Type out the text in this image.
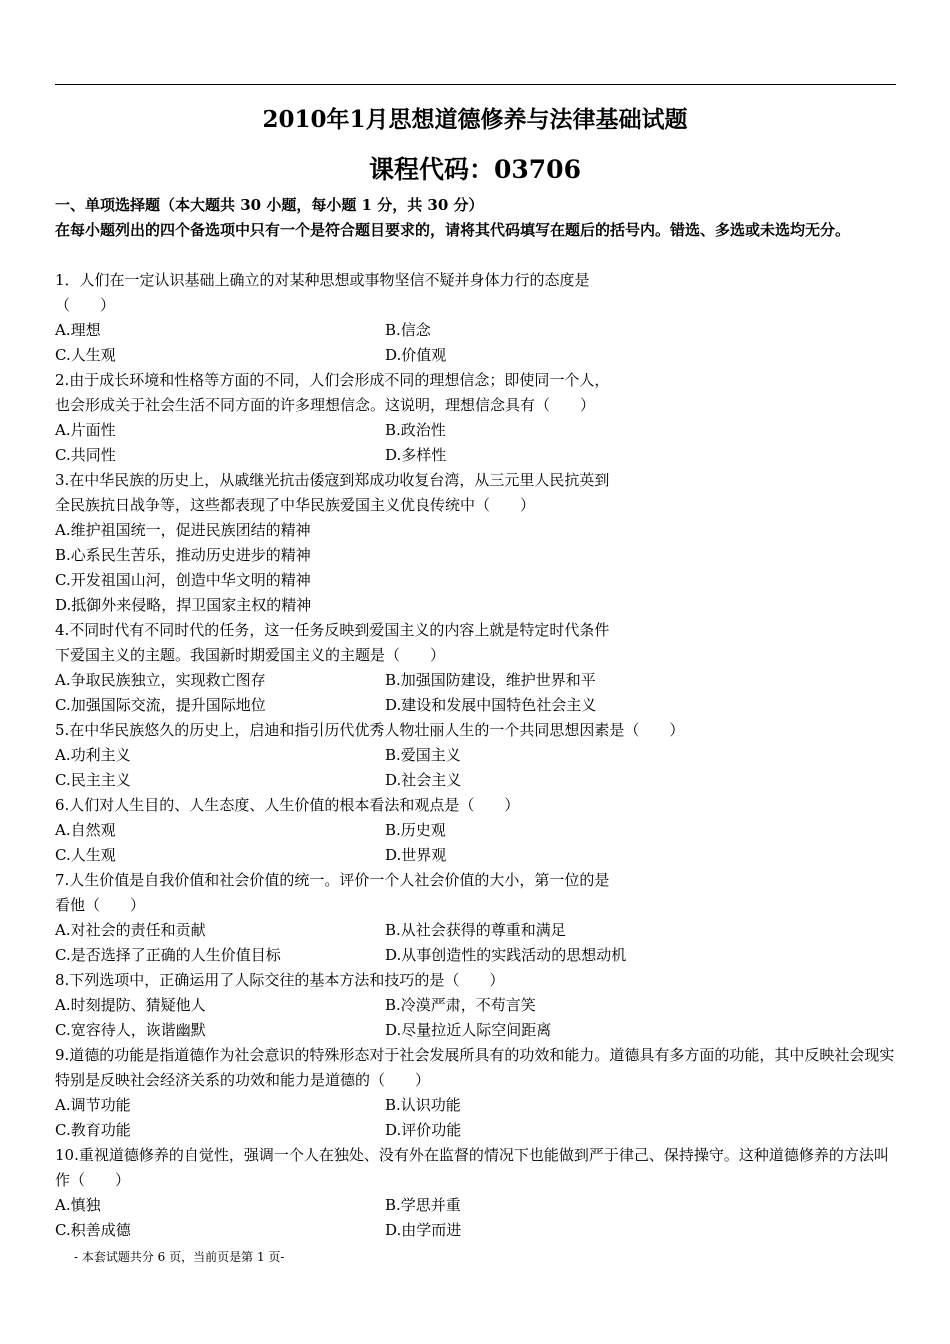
2010年1月思想道德修养与法律基础试题
课程代码：03706
一、单项选择题（本大题共 30 小题，每小题 1 分，共 30 分）
在每小题列出的四个备选项中只有一个是符合题目要求的，请将其代码填写在题后的括号内。错选、多选或未选均无分。
1．人们在一定认识基础上确立的对某种思想或事物坚信不疑并身体力行的态度是
（　　）
A.理想	B.信念
C.人生观	D.价值观
2.由于成长环境和性格等方面的不同，人们会形成不同的理想信念；即使同一个人，
也会形成关于社会生活不同方面的许多理想信念。这说明，理想信念具有（　　）
A.片面性	B.政治性
C.共同性	D.多样性
3.在中华民族的历史上，从戚继光抗击倭寇到郑成功收复台湾，从三元里人民抗英到
全民族抗日战争等，这些都表现了中华民族爱国主义优良传统中（　　）
A.维护祖国统一，促进民族团结的精神
B.心系民生苦乐，推动历史进步的精神
C.开发祖国山河，创造中华文明的精神
D.抵御外来侵略，捍卫国家主权的精神
4.不同时代有不同时代的任务，这一任务反映到爱国主义的内容上就是特定时代条件
下爱国主义的主题。我国新时期爱国主义的主题是（　　）
A.争取民族独立，实现救亡图存	B.加强国防建设，维护世界和平
C.加强国际交流，提升国际地位	D.建设和发展中国特色社会主义
5.在中华民族悠久的历史上，启迪和指引历代优秀人物壮丽人生的一个共同思想因素是（　　）
A.功利主义	B.爱国主义
C.民主主义	D.社会主义
6.人们对人生目的、人生态度、人生价值的根本看法和观点是（　　）
A.自然观	B.历史观
C.人生观	D.世界观
7.人生价值是自我价值和社会价值的统一。评价一个人社会价值的大小，第一位的是
看他（　　）
A.对社会的责任和贡献	B.从社会获得的尊重和满足
C.是否选择了正确的人生价值目标	D.从事创造性的实践活动的思想动机
8.下列选项中，正确运用了人际交往的基本方法和技巧的是（　　）
A.时刻提防、猜疑他人	B.冷漠严肃，不苟言笑
C.宽容待人，诙谐幽默	D.尽量拉近人际空间距离
9.道德的功能是指道德作为社会意识的特殊形态对于社会发展所具有的功效和能力。道德具有多方面的功能，其中反映社会现实特别是反映社会经济关系的功效和能力是道德的（　　）
A.调节功能	B.认识功能
C.教育功能	D.评价功能
10.重视道德修养的自觉性，强调一个人在独处、没有外在监督的情况下也能做到严于律己、保持操守。这种道德修养的方法叫作（　　）
A.慎独	B.学思并重
C.积善成德	D.由学而进
- 本套试题共分 6 页，当前页是第 1 页-
